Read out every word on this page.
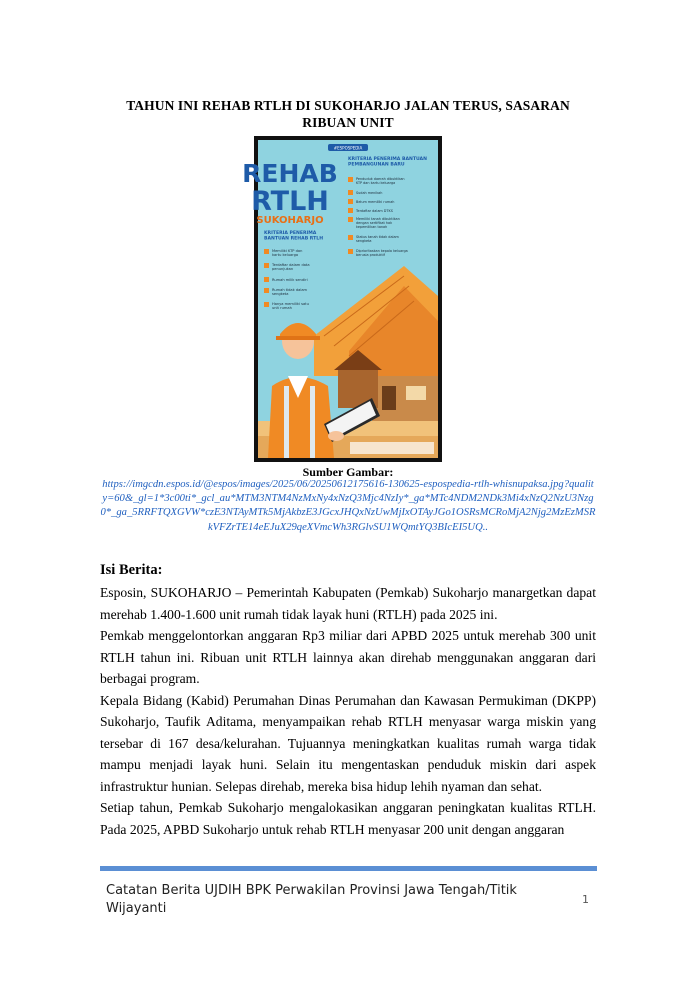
TAHUN INI REHAB RTLH DI SUKOHARJO JALAN TERUS, SASARAN RIBUAN UNIT
#ESPOSPEDIA
REHAB
RTLH
SUKOHARJO
KRITERIA PENERIMA BANTUAN REHAB RTLH
Memiliki KTP dan
kartu keluarga
Terdaftar dalam data
penunjukan
Rumah milik sendiri
Rumah tidak dalam
sengketa
Hanya memiliki satu
unit rumah
KRITERIA PENERIMA BANTUAN PEMBANGUNAN BARU
Penduduk daerah dibuktikan
KTP dan kartu keluarga
Sudah menikah
Belum memiliki rumah
Terdaftar dalam DTKS
Memiliki tanah dibuktikan
dengan sertifikat hak
kepemilikan tanah
Status tanah tidak dalam
sengketa
Diprioritaskan kepala keluarga
berusia produktif
Sumber Gambar:
https://imgcdn.espos.id/@espos/images/2025/06/20250612175616-130625-espospedia-rtlh-whisnupaksa.jpg?quality=60&_gl=1*3c00ti*_gcl_au*MTM3NTM4NzMxNy4xNzQ3Mjc4NzIy*_ga*MTc4NDM2NDk3Mi4xNzQ2NzU3Nzg0*_ga_5RRFTQXGVW*czE3NTAyMTk5MjAkbzE3JGcxJHQxNzUwMjIxOTAyJGo1OSRsMCRoMjA2Njg2MzEzMSRkVFZrTE14eEJuX29qeXVmcWh3RGlvSU1WQmtYQ3BIcEI5UQ..
Isi Berita:

Esposin, SUKOHARJO – Pemerintah Kabupaten (Pemkab) Sukoharjo manargetkan dapat merehab 1.400-1.600 unit rumah tidak layak huni (RTLH) pada 2025 ini.

Pemkab menggelontorkan anggaran Rp3 miliar dari APBD 2025 untuk merehab 300 unit RTLH tahun ini. Ribuan unit RTLH lainnya akan direhab menggunakan anggaran dari berbagai program.

Kepala Bidang (Kabid) Perumahan Dinas Perumahan dan Kawasan Permukiman (DKPP) Sukoharjo, Taufik Aditama, menyampaikan rehab RTLH menyasar warga miskin yang tersebar di 167 desa/kelurahan. Tujuannya meningkatkan kualitas rumah warga tidak mampu menjadi layak huni. Selain itu mengentaskan penduduk miskin dari aspek infrastruktur hunian. Selepas direhab, mereka bisa hidup lehih nyaman dan sehat.

Setiap tahun, Pemkab Sukoharjo mengalokasikan anggaran peningkatan kualitas RTLH. Pada 2025, APBD Sukoharjo untuk rehab RTLH menyasar 200 unit dengan anggaran

Catatan Berita UJDIH BPK Perwakilan Provinsi Jawa Tengah/Titik Wijayanti
1
